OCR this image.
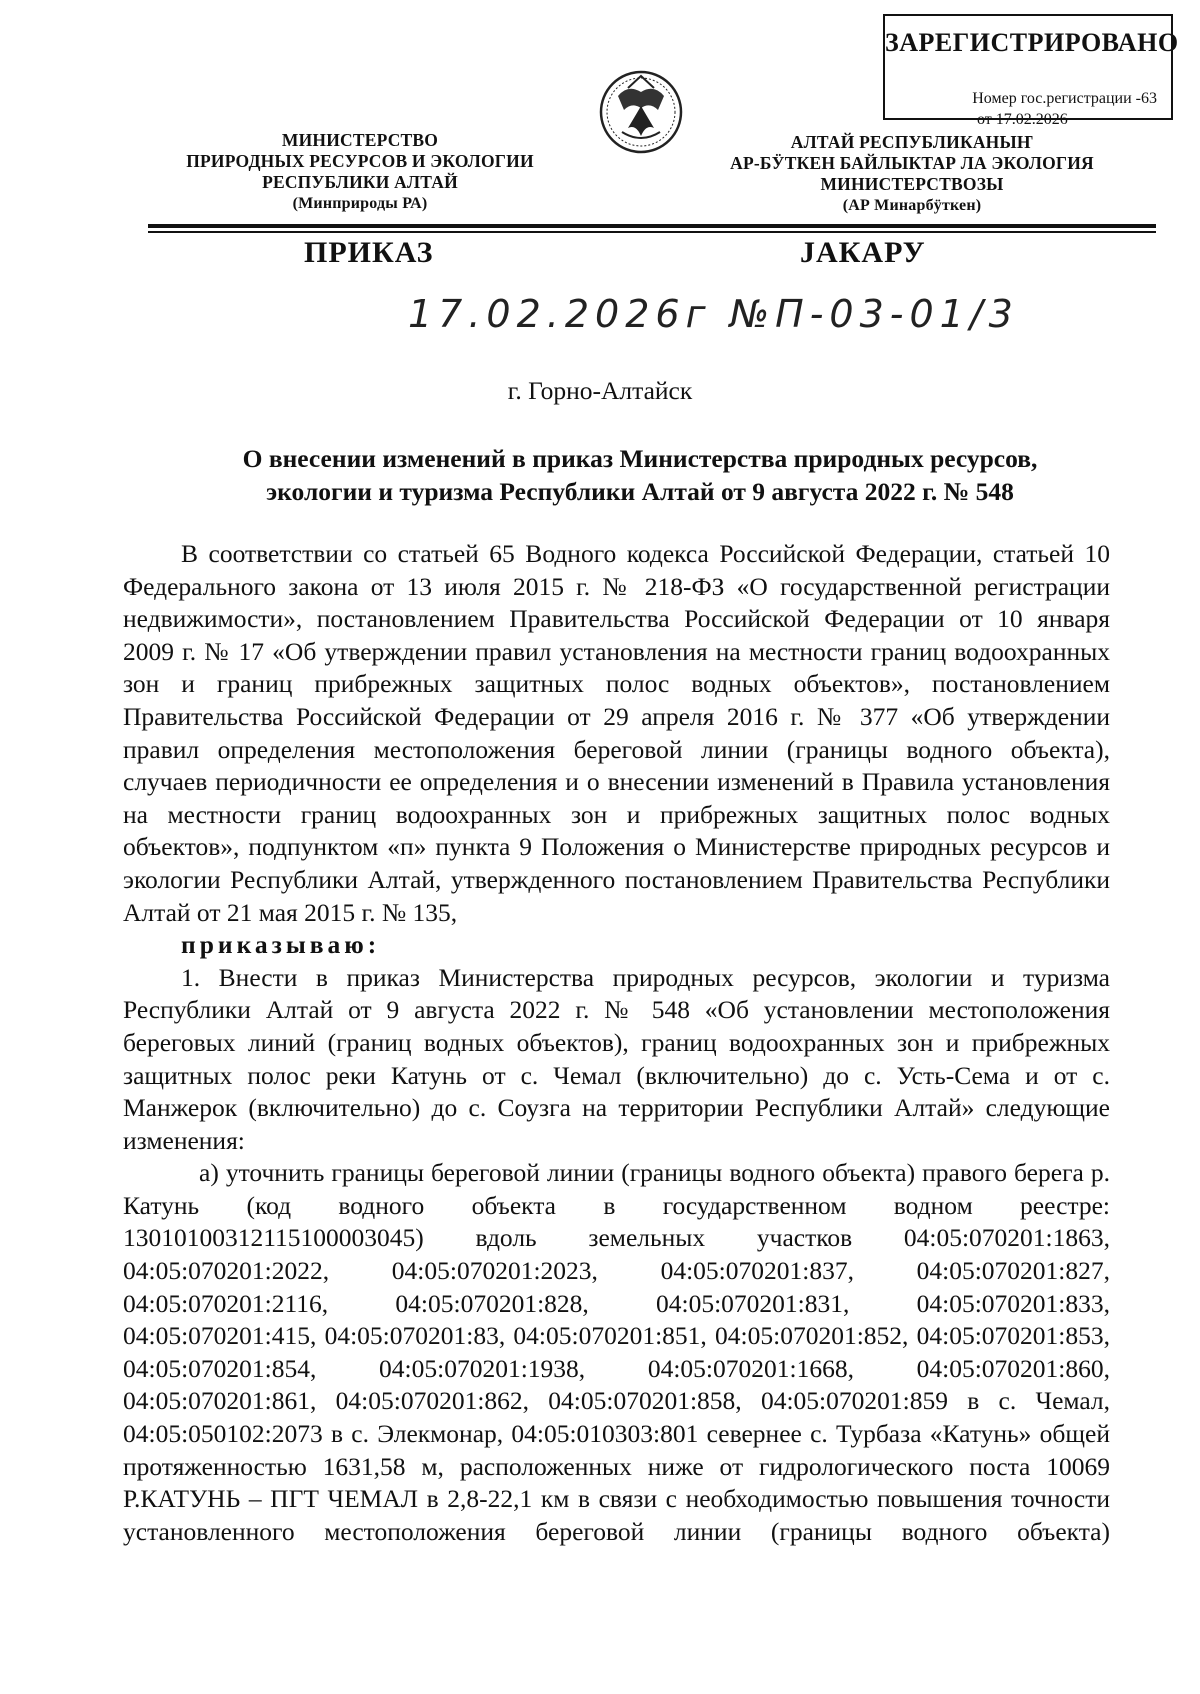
ЗАРЕГИСТРИРОВАНО
Номер гос.регистрации -63
от 17.02.2026
МИНИСТЕРСТВО
ПРИРОДНЫХ РЕСУРСОВ И ЭКОЛОГИИ
РЕСПУБЛИКИ АЛТАЙ
(Минприроды РА)
АЛТАЙ РЕСПУБЛИКАНЫҤ
АР-БӰТКЕН БАЙЛЫКТАР ЛА ЭКОЛОГИЯ
МИНИСТЕРСТВОЗЫ
(АР Минарбӱткен)
ПРИКАЗ	JАКАРУ
17.02.2026г №П-03-01/3
г. Горно-Алтайск
О внесении изменений в приказ Министерства природных ресурсов,
экологии и туризма Республики Алтай от 9 августа 2022 г. № 548

В соответствии со статьей 65 Водного кодекса Российской Федерации, статьей 10 Федерального закона от 13 июля 2015 г. № 218-ФЗ «О государственной регистрации недвижимости», постановлением Правительства Российской Федерации от 10 января 2009 г. № 17 «Об утверждении правил установления на местности границ водоохранных зон и границ прибрежных защитных полос водных объектов», постановлением Правительства Российской Федерации от 29 апреля 2016 г. № 377 «Об утверждении правил определения местоположения береговой линии (границы водного объекта), случаев периодичности ее определения и о внесении изменений в Правила установления на местности границ водоохранных зон и прибрежных защитных полос водных объектов», подпунктом «п» пункта 9 Положения о Министерстве природных ресурсов и экологии Республики Алтай, утвержденного постановлением Правительства Республики Алтай от 21 мая 2015 г. № 135,

приказываю:

1. Внести в приказ Министерства природных ресурсов, экологии и туризма Республики Алтай от 9 августа 2022 г. № 548 «Об установлении местоположения береговых линий (границ водных объектов), границ водоохранных зон и прибрежных защитных полос реки Катунь от с. Чемал (включительно) до с. Усть-Сема и от с. Манжерок (включительно) до с. Соузга на территории Республики Алтай» следующие изменения:

а) уточнить границы береговой линии (границы водного объекта) правого берега р. Катунь (код водного объекта в государственном водном реестре: 13010100312115100003045) вдоль земельных участков 04:05:070201:1863, 04:05:070201:2022, 04:05:070201:2023, 04:05:070201:837, 04:05:070201:827, 04:05:070201:2116, 04:05:070201:828, 04:05:070201:831, 04:05:070201:833, 04:05:070201:415, 04:05:070201:83, 04:05:070201:851, 04:05:070201:852, 04:05:070201:853, 04:05:070201:854, 04:05:070201:1938, 04:05:070201:1668, 04:05:070201:860, 04:05:070201:861, 04:05:070201:862, 04:05:070201:858, 04:05:070201:859 в с. Чемал, 04:05:050102:2073 в с. Элекмонар, 04:05:010303:801 севернее с. Турбаза «Катунь» общей протяженностью 1631,58 м, расположенных ниже от гидрологического поста 10069 Р.КАТУНЬ – ПГТ ЧЕМАЛ в 2,8-22,1 км в связи с необходимостью повышения точности установленного местоположения береговой линии (границы водного объекта)
